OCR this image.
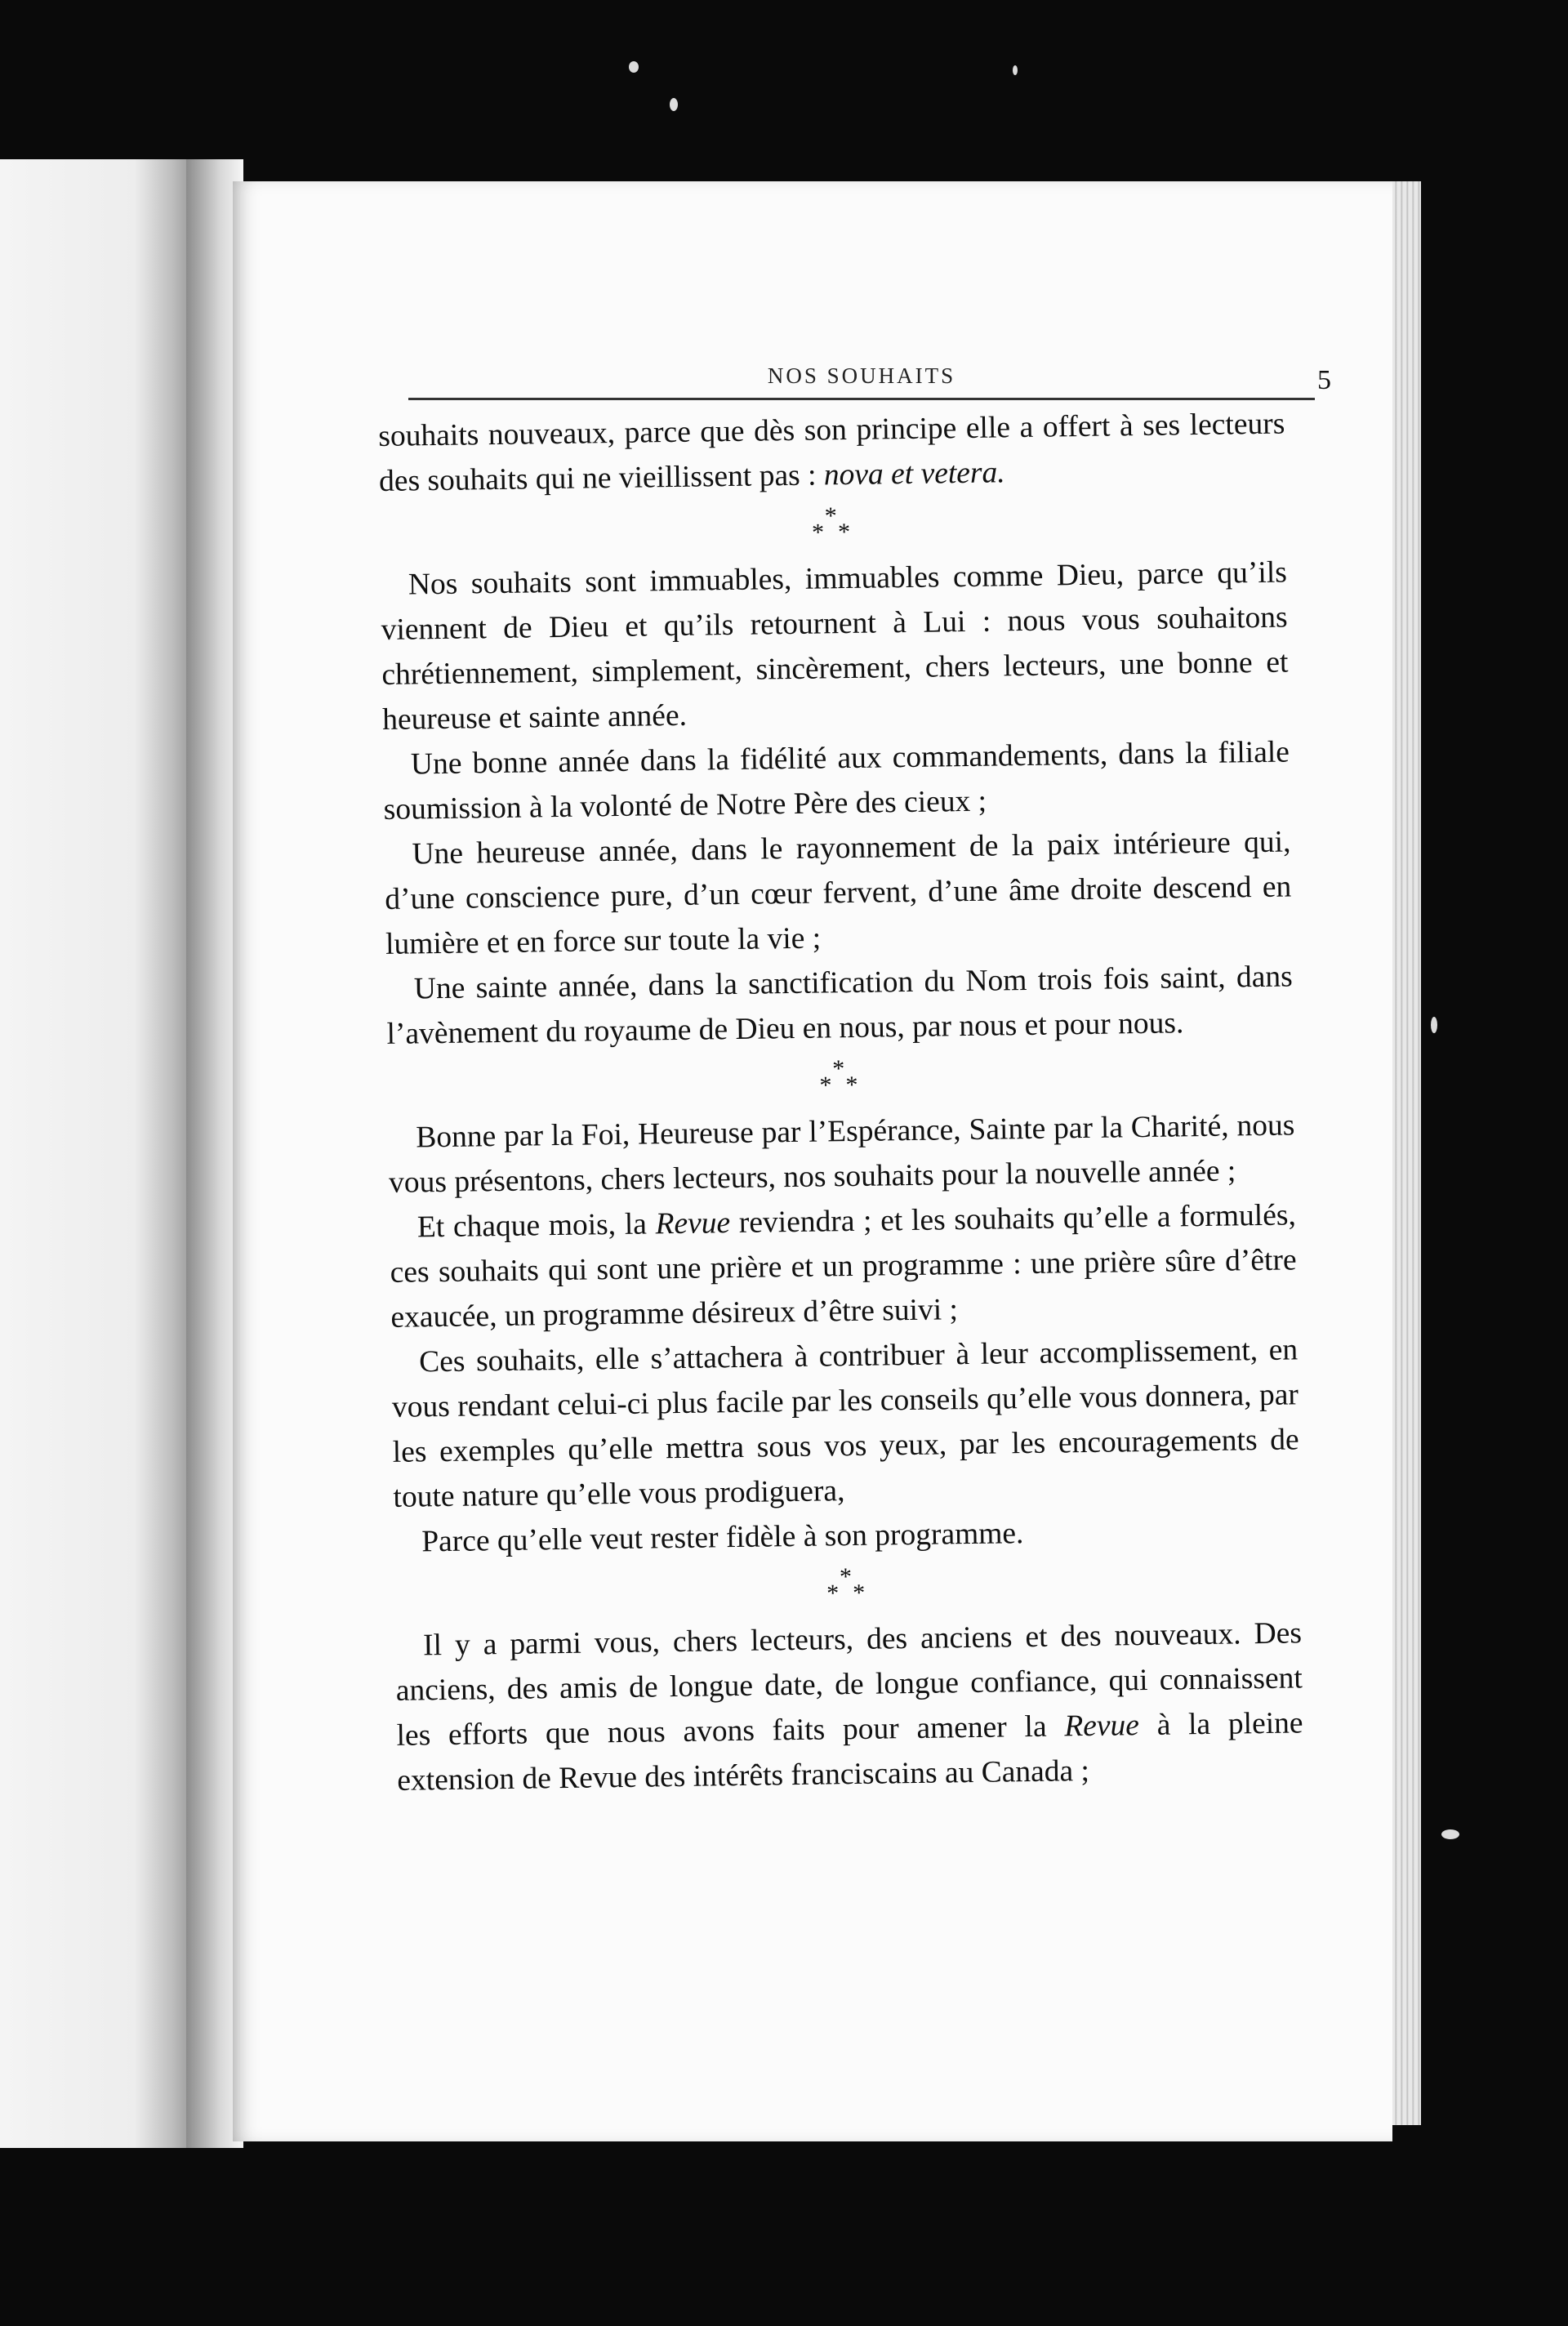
NOS SOUHAITS	5

souhaits nouveaux, parce que dès son principe elle a offert à ses lecteurs des souhaits qui ne vieillissent pas : nova et vetera.

*
* *

Nos souhaits sont immuables, immuables comme Dieu, parce qu’ils viennent de Dieu et qu’ils retournent à Lui : nous vous souhaitons chrétiennement, simplement, sincèrement, chers lecteurs, une bonne et heureuse et sainte année.

Une bonne année dans la fidélité aux commandements, dans la filiale soumission à la volonté de Notre Père des cieux ;

Une heureuse année, dans le rayonnement de la paix intérieure qui, d’une conscience pure, d’un cœur fervent, d’une âme droite descend en lumière et en force sur toute la vie ;

Une sainte année, dans la sanctification du Nom trois fois saint, dans l’avènement du royaume de Dieu en nous, par nous et pour nous.

*
* *

Bonne par la Foi, Heureuse par l’Espérance, Sainte par la Charité, nous vous présentons, chers lecteurs, nos souhaits pour la nouvelle année ;

Et chaque mois, la Revue reviendra ; et les souhaits qu’elle a formulés, ces souhaits qui sont une prière et un programme : une prière sûre d’être exaucée, un programme désireux d’être suivi ;

Ces souhaits, elle s’attachera à contribuer à leur accomplissement, en vous rendant celui-ci plus facile par les conseils qu’elle vous donnera, par les exemples qu’elle mettra sous vos yeux, par les encouragements de toute nature qu’elle vous prodiguera,

Parce qu’elle veut rester fidèle à son programme.

*
* *

Il y a parmi vous, chers lecteurs, des anciens et des nouveaux. Des anciens, des amis de longue date, de longue confiance, qui connaissent les efforts que nous avons faits pour amener la Revue à la pleine extension de Revue des intérêts franciscains au Canada ;
